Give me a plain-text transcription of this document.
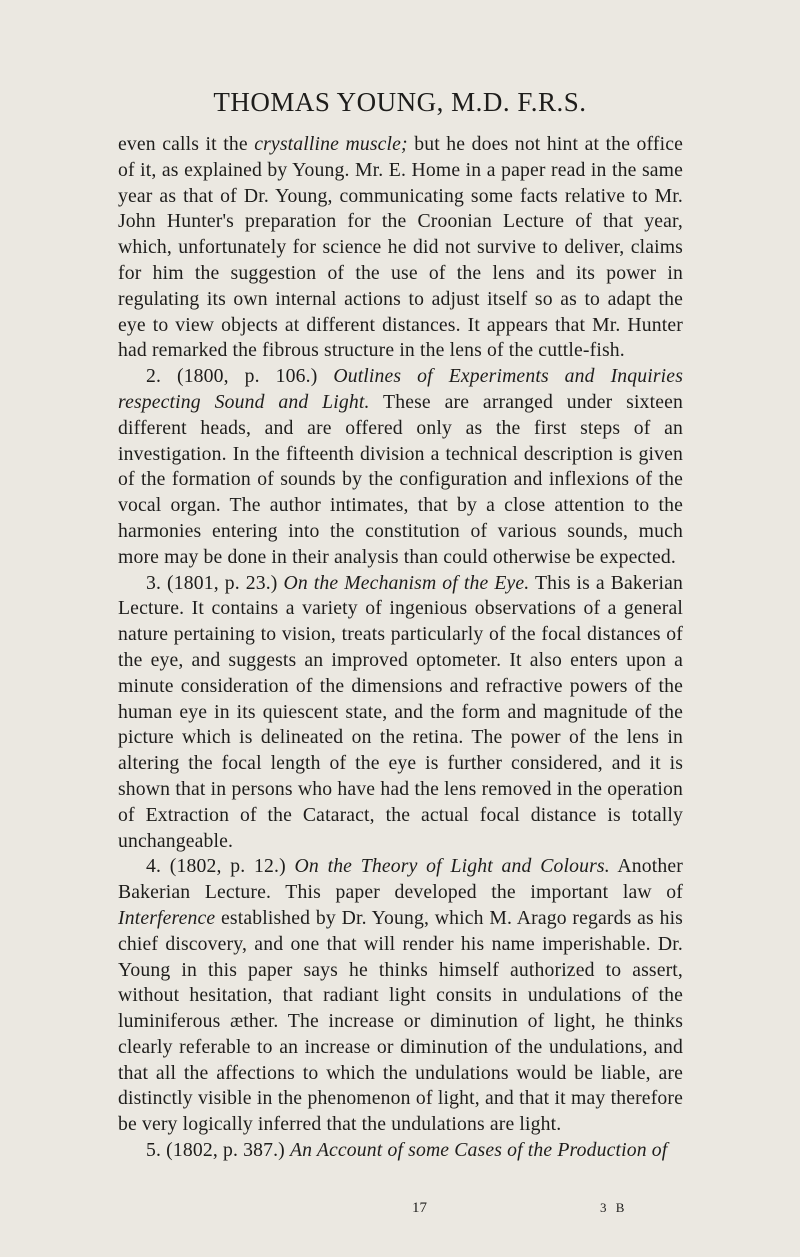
THOMAS YOUNG, M.D. F.R.S.

even calls it the crystalline muscle; but he does not hint at the office of it, as explained by Young. Mr. E. Home in a paper read in the same year as that of Dr. Young, communicating some facts relative to Mr. John Hunter's preparation for the Croonian Lecture of that year, which, unfortunately for science he did not survive to deliver, claims for him the suggestion of the use of the lens and its power in regulating its own internal actions to adjust itself so as to adapt the eye to view objects at different distances. It appears that Mr. Hunter had remarked the fibrous structure in the lens of the cuttle-fish.

2. (1800, p. 106.) Outlines of Experiments and Inquiries respecting Sound and Light. These are arranged under sixteen different heads, and are offered only as the first steps of an investigation. In the fifteenth division a technical description is given of the formation of sounds by the configuration and inflexions of the vocal organ. The author intimates, that by a close attention to the harmonies entering into the constitution of various sounds, much more may be done in their analysis than could otherwise be expected.

3. (1801, p. 23.) On the Mechanism of the Eye. This is a Bakerian Lecture. It contains a variety of ingenious observations of a general nature pertaining to vision, treats particularly of the focal distances of the eye, and suggests an improved optometer. It also enters upon a minute consideration of the dimensions and refractive powers of the human eye in its quiescent state, and the form and magnitude of the picture which is delineated on the retina. The power of the lens in altering the focal length of the eye is further considered, and it is shown that in persons who have had the lens removed in the operation of Extraction of the Cataract, the actual focal distance is totally unchangeable.

4. (1802, p. 12.) On the Theory of Light and Colours. Another Bakerian Lecture. This paper developed the important law of Interference established by Dr. Young, which M. Arago regards as his chief discovery, and one that will render his name imperishable. Dr. Young in this paper says he thinks himself authorized to assert, without hesitation, that radiant light consits in undulations of the luminiferous æther. The increase or diminution of light, he thinks clearly referable to an increase or diminution of the undulations, and that all the affections to which the undulations would be liable, are distinctly visible in the phenomenon of light, and that it may therefore be very logically inferred that the undulations are light.

5. (1802, p. 387.) An Account of some Cases of the Production of

17	3 B
